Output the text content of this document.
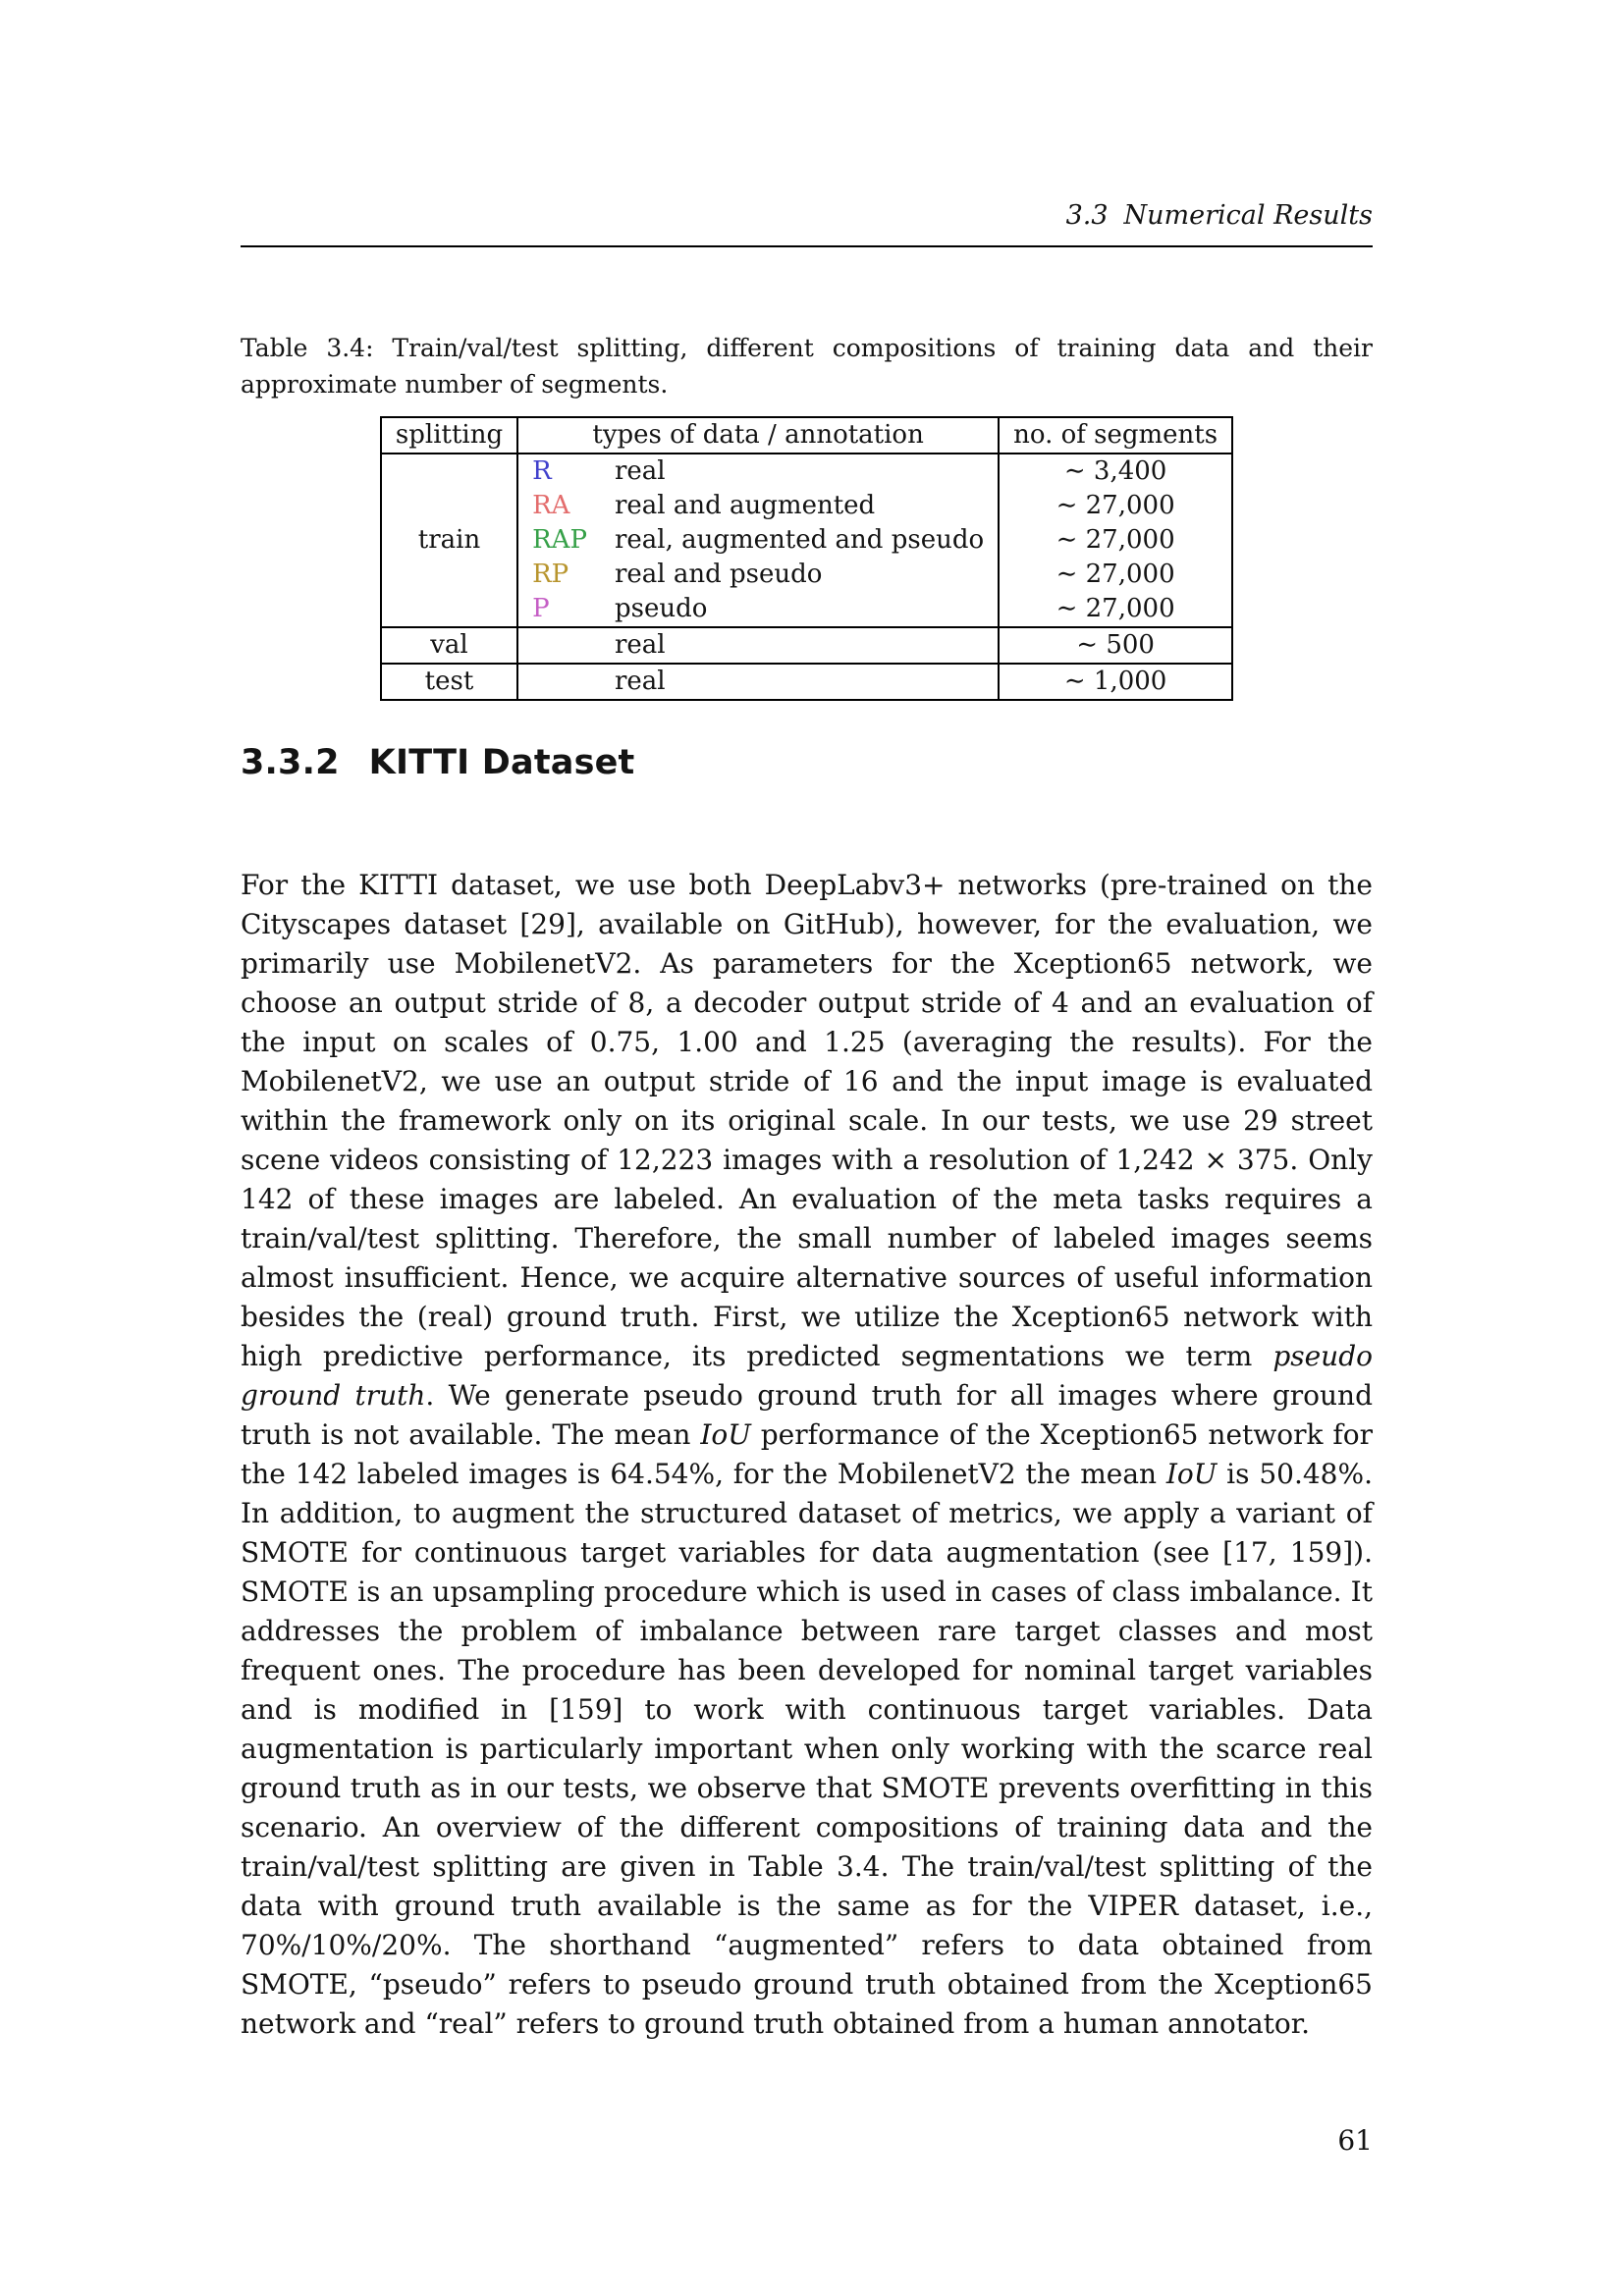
3.3 Numerical Results
Table 3.4: Train/val/test splitting, different compositions of training data and their approximate number of segments.
splitting	types of data / annotation		no. of segments
train	R	real	∼ 3,400
	RA	real and augmented	∼ 27,000
	RAP	real, augmented and pseudo	∼ 27,000
	RP	real and pseudo	∼ 27,000
	P	pseudo	∼ 27,000
val		real	∼ 500
test		real	∼ 1,000
3.3.2 KITTI Dataset
For the KITTI dataset, we use both DeepLabv3+ networks (pre-trained on the Cityscapes dataset [29], available on GitHub), however, for the evaluation, we primarily use MobilenetV2. As parameters for the Xception65 network, we choose an output stride of 8, a decoder output stride of 4 and an evaluation of the input on scales of 0.75, 1.00 and 1.25 (averaging the results). For the MobilenetV2, we use an output stride of 16 and the input image is evaluated within the framework only on its original scale. In our tests, we use 29 street scene videos consisting of 12,223 images with a resolution of 1,242 × 375. Only 142 of these images are labeled. An evaluation of the meta tasks requires a train/val/test splitting. Therefore, the small number of labeled images seems almost insufficient. Hence, we acquire alternative sources of useful information besides the (real) ground truth. First, we utilize the Xception65 network with high predictive performance, its predicted segmentations we term pseudo ground truth. We generate pseudo ground truth for all images where ground truth is not available. The mean IoU performance of the Xception65 network for the 142 labeled images is 64.54%, for the MobilenetV2 the mean IoU is 50.48%. In addition, to augment the structured dataset of metrics, we apply a variant of SMOTE for continuous target variables for data augmentation (see [17, 159]). SMOTE is an upsampling procedure which is used in cases of class imbalance. It addresses the problem of imbalance between rare target classes and most frequent ones. The procedure has been developed for nominal target variables and is modified in [159] to work with continuous target variables. Data augmentation is particularly important when only working with the scarce real ground truth as in our tests, we observe that SMOTE prevents overfitting in this scenario. An overview of the different compositions of training data and the train/val/test splitting are given in Table 3.4. The train/val/test splitting of the data with ground truth available is the same as for the VIPER dataset, i.e., 70%/10%/20%. The shorthand “augmented” refers to data obtained from SMOTE, “pseudo” refers to pseudo ground truth obtained from the Xception65 network and “real” refers to ground truth obtained from a human annotator.
61
